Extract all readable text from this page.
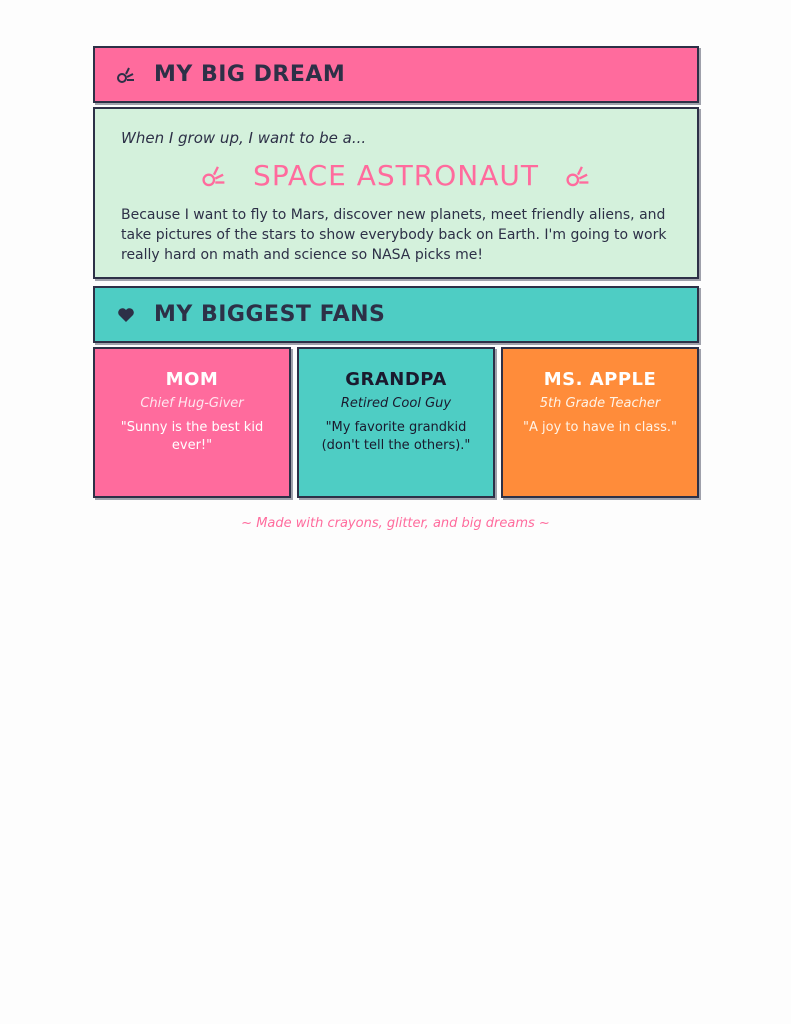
MY BIG DREAM
When I grow up, I want to be a...
SPACE ASTRONAUT
Because I want to fly to Mars, discover new planets, meet friendly aliens, and take pictures of the stars to show everybody back on Earth. I'm going to work really hard on math and science so NASA picks me!
MY BIGGEST FANS
MOM
Chief Hug-Giver
"Sunny is the best kid ever!"
GRANDPA
Retired Cool Guy
"My favorite grandkid (don't tell the others)."
MS. APPLE
5th Grade Teacher
"A joy to have in class."
~ Made with crayons, glitter, and big dreams ~
